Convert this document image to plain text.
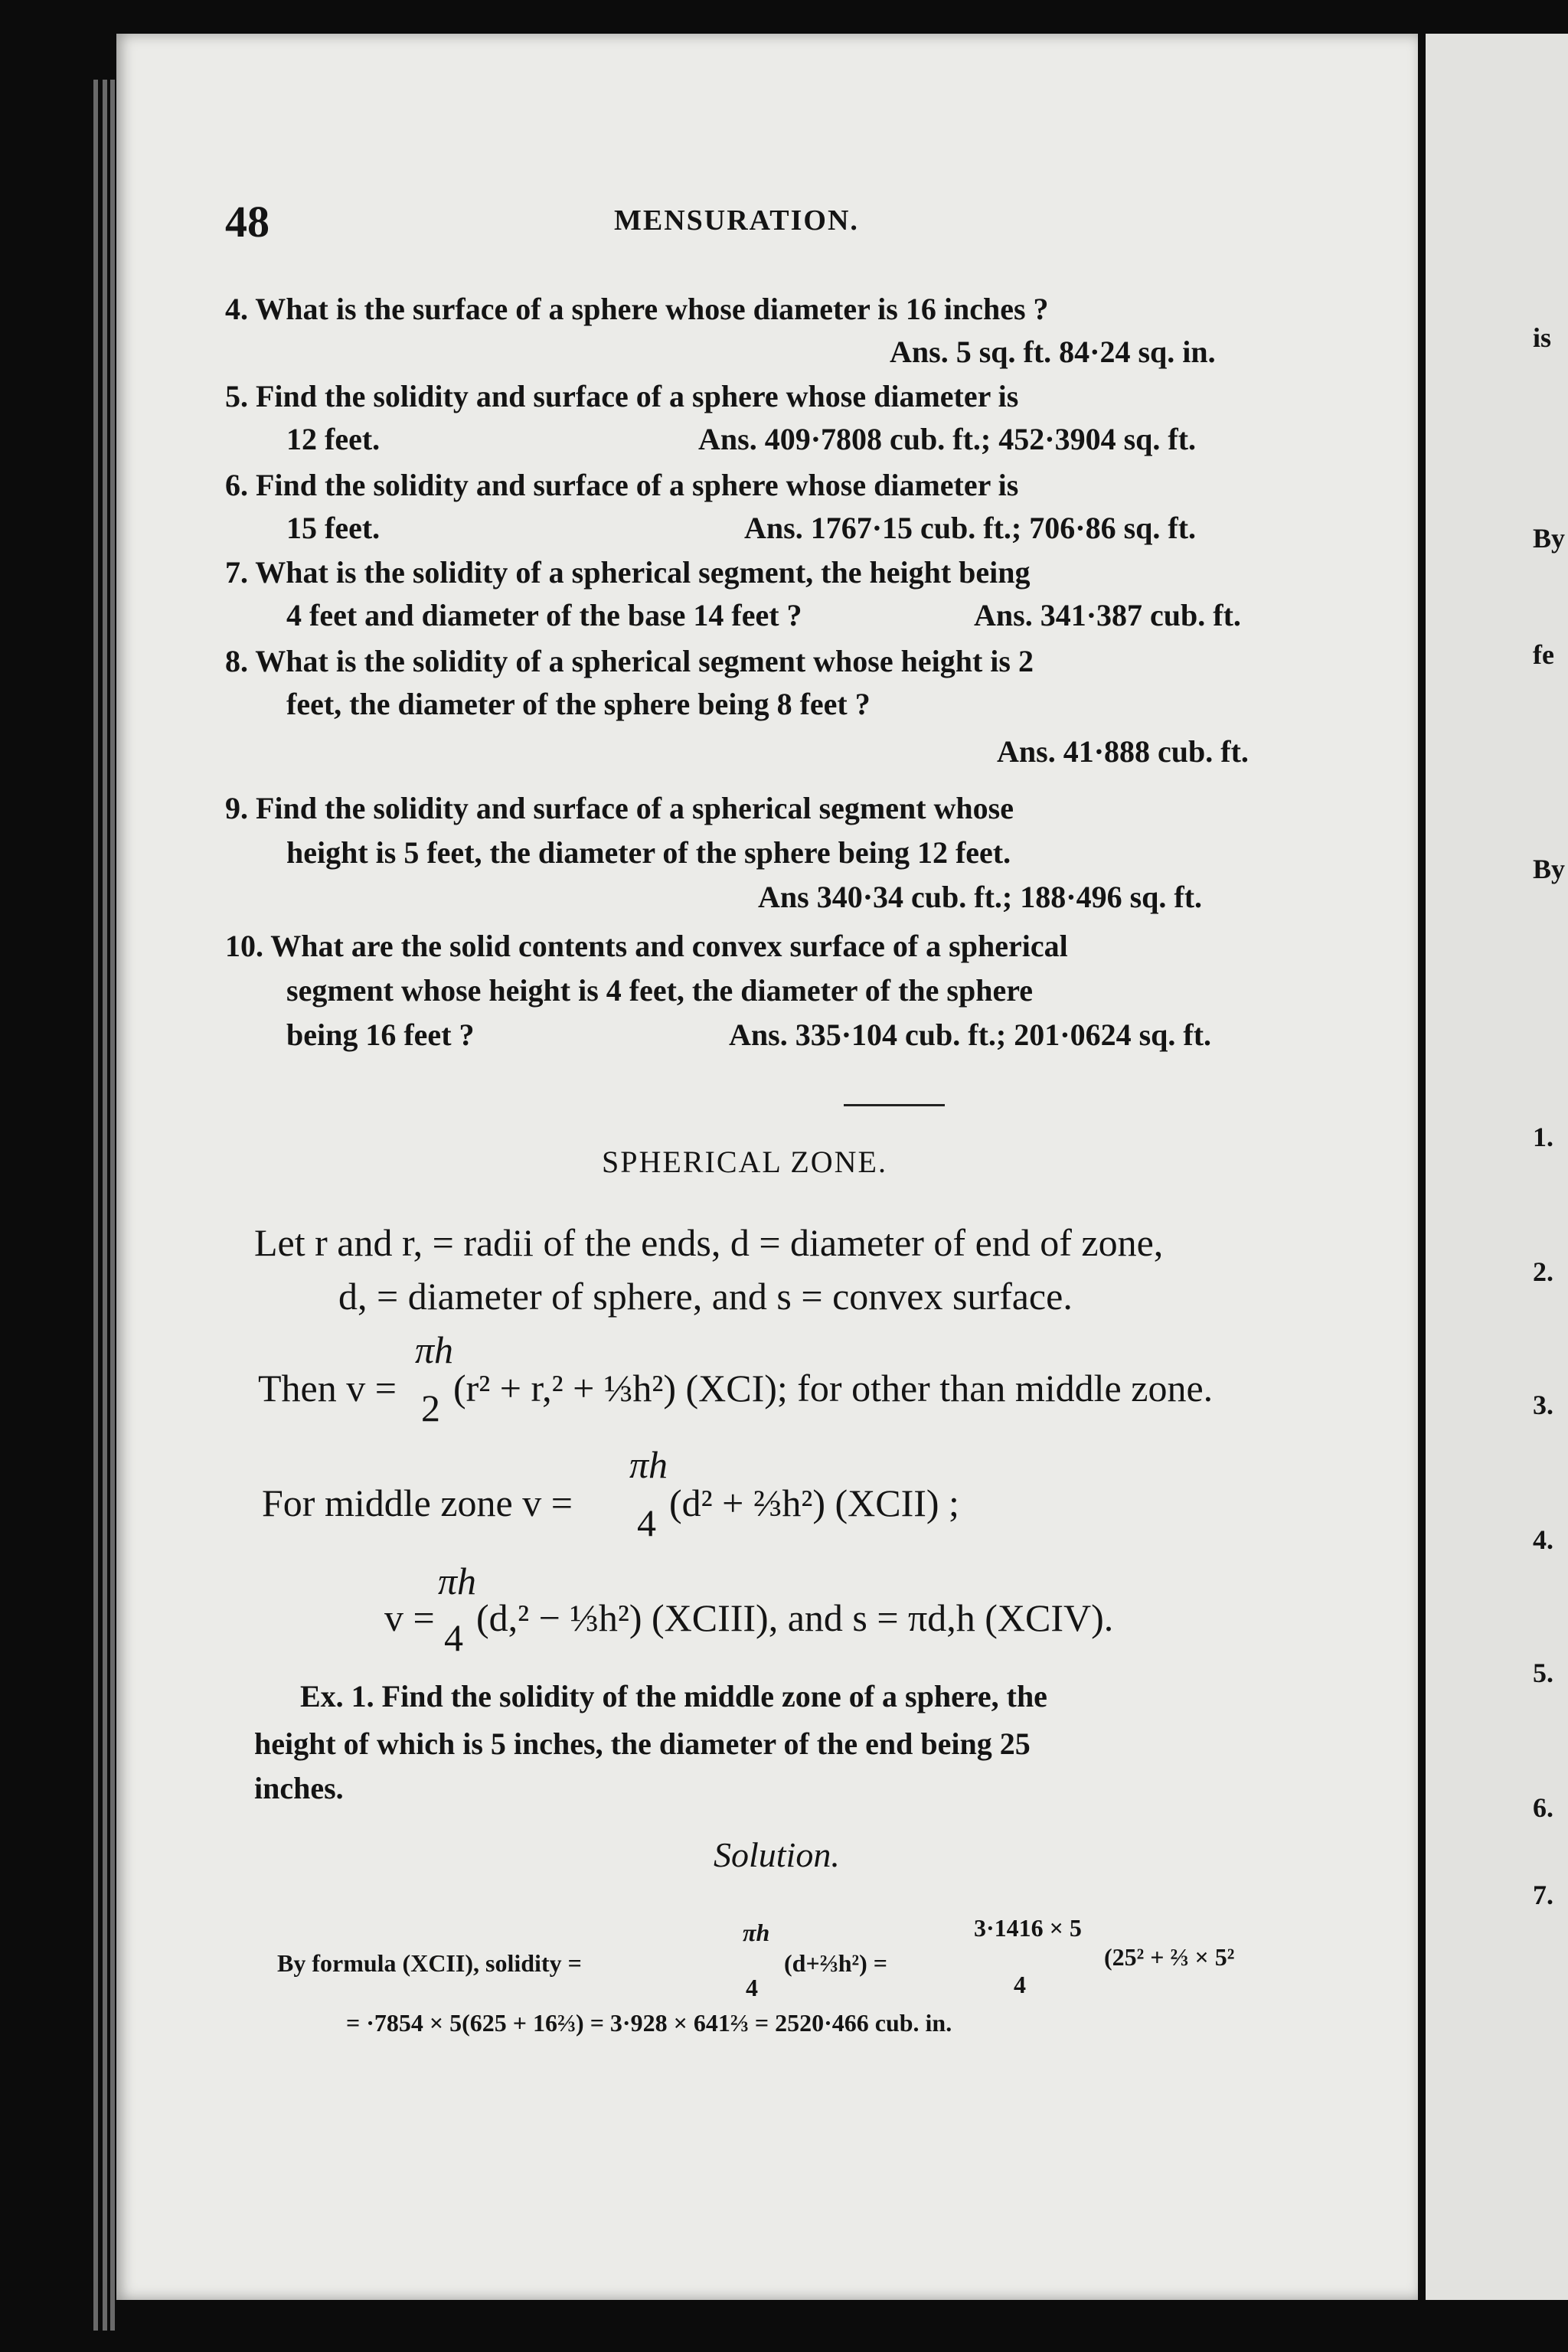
48	MENSURATION.
4. What is the surface of a sphere whose diameter is 16 inches ?
Ans. 5 sq. ft. 84·24 sq. in.
5. Find the solidity and surface of a sphere whose diameter is
12 feet.	Ans. 409·7808 cub. ft.; 452·3904 sq. ft.
6. Find the solidity and surface of a sphere whose diameter is
15 feet.	Ans. 1767·15 cub. ft.; 706·86 sq. ft.
7. What is the solidity of a spherical segment, the height being
4 feet and diameter of the base 14 feet ?	Ans. 341·387 cub. ft.
8. What is the solidity of a spherical segment whose height is 2
feet, the diameter of the sphere being 8 feet ?
Ans. 41·888 cub. ft.
9. Find the solidity and surface of a spherical segment whose
height is 5 feet, the diameter of the sphere being 12 feet.
Ans 340·34 cub. ft.; 188·496 sq. ft.
10. What are the solid contents and convex surface of a spherical
segment whose height is 4 feet, the diameter of the sphere
being 16 feet ?	Ans. 335·104 cub. ft.; 201·0624 sq. ft.
SPHERICAL ZONE.
Let r and r, = radii of the ends, d = diameter of end of zone,
d, = diameter of sphere, and s = convex surface.
Then v =
πh
2 (r² + r,² + ⅓h²) (XCI); for other than middle zone.
For middle zone v =
πh
4 (d² + ⅔h²) (XCII) ;
v =
πh
4 (d,² − ⅓h²) (XCIII), and s = πd,h (XCIV).
Ex. 1. Find the solidity of the middle zone of a sphere, the
height of which is 5 inches, the diameter of the end being 25
inches.
Solution.
By formula (XCII), solidity =
πh
4
(d+⅔h²) =
3·1416 × 5
4
(25² + ⅔ × 5²
= ·7854 × 5(625 + 16⅔) = 3·928 × 641⅔ = 2520·466 cub. in.
is
By
fe
By
1.
2.
3.
4.
5.
6.
7.
